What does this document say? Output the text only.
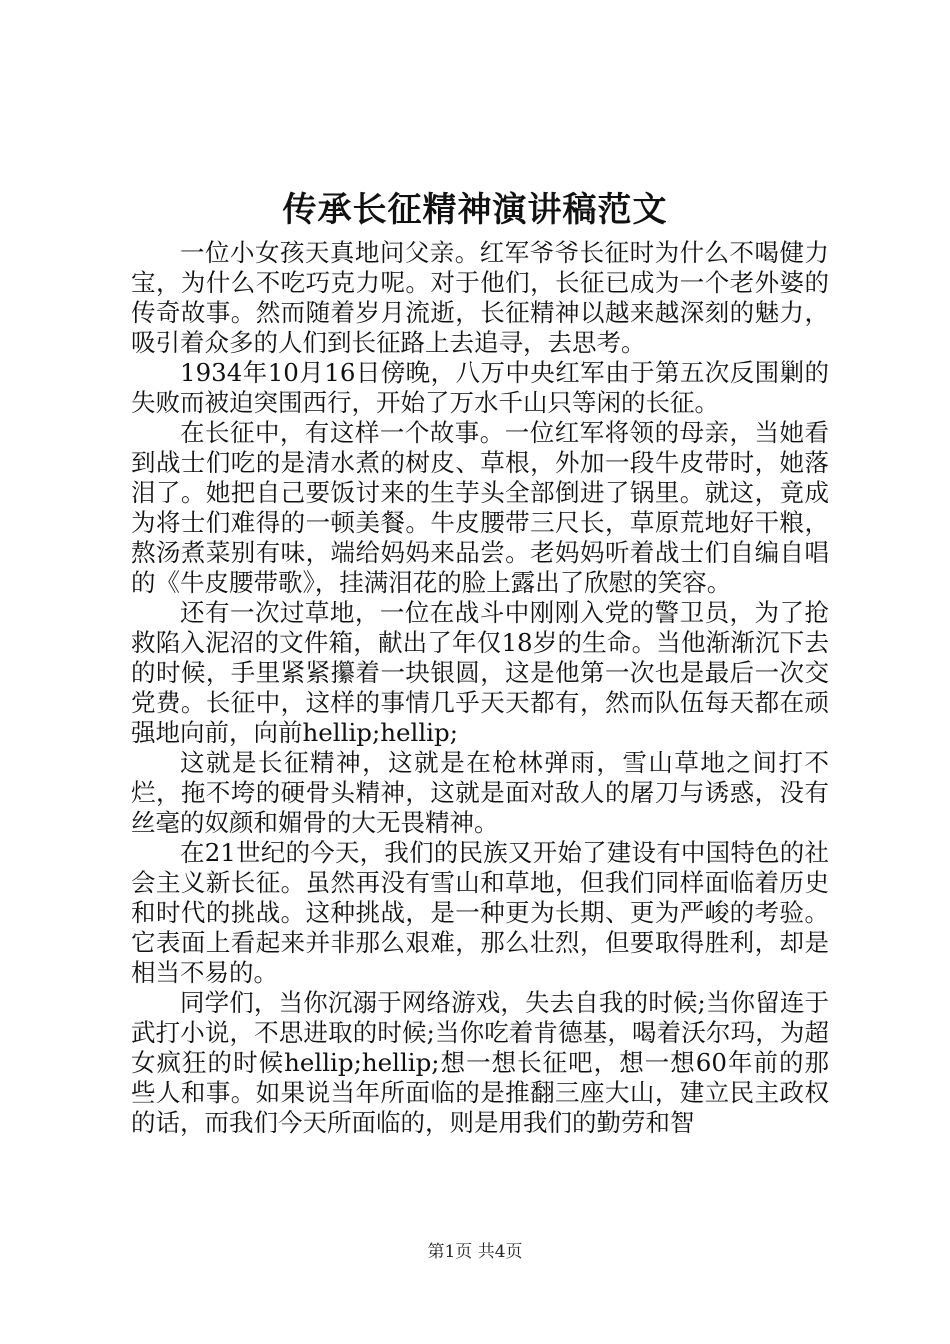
传承长征精神演讲稿范文

一位小女孩天真地问父亲。红军爷爷长征时为什么不喝健力宝，为什么不吃巧克力呢。对于他们，长征已成为一个老外婆的传奇故事。然而随着岁月流逝，长征精神以越来越深刻的魅力，吸引着众多的人们到长征路上去追寻，去思考。

1934年10月16日傍晚，八万中央红军由于第五次反围剿的失败而被迫突围西行，开始了万水千山只等闲的长征。

在长征中，有这样一个故事。一位红军将领的母亲，当她看到战士们吃的是清水煮的树皮、草根，外加一段牛皮带时，她落泪了。她把自己要饭讨来的生芋头全部倒进了锅里。就这，竟成为将士们难得的一顿美餐。牛皮腰带三尺长，草原荒地好干粮，熬汤煮菜别有味，端给妈妈来品尝。老妈妈听着战士们自编自唱的《牛皮腰带歌》，挂满泪花的脸上露出了欣慰的笑容。

还有一次过草地，一位在战斗中刚刚入党的警卫员，为了抢救陷入泥沼的文件箱，献出了年仅18岁的生命。当他渐渐沉下去的时候，手里紧紧攥着一块银圆，这是他第一次也是最后一次交党费。长征中，这样的事情几乎天天都有，然而队伍每天都在顽强地向前，向前hellip;hellip;

这就是长征精神，这就是在枪林弹雨，雪山草地之间打不烂，拖不垮的硬骨头精神，这就是面对敌人的屠刀与诱惑，没有丝毫的奴颜和媚骨的大无畏精神。

在21世纪的今天，我们的民族又开始了建设有中国特色的社会主义新长征。虽然再没有雪山和草地，但我们同样面临着历史和时代的挑战。这种挑战，是一种更为长期、更为严峻的考验。它表面上看起来并非那么艰难，那么壮烈，但要取得胜利，却是相当不易的。

同学们，当你沉溺于网络游戏，失去自我的时候;当你留连于武打小说，不思进取的时候;当你吃着肯德基，喝着沃尔玛，为超女疯狂的时候hellip;hellip;想一想长征吧，想一想60年前的那些人和事。如果说当年所面临的是推翻三座大山，建立民主政权的话，而我们今天所面临的，则是用我们的勤劳和智

第1页 共4页
